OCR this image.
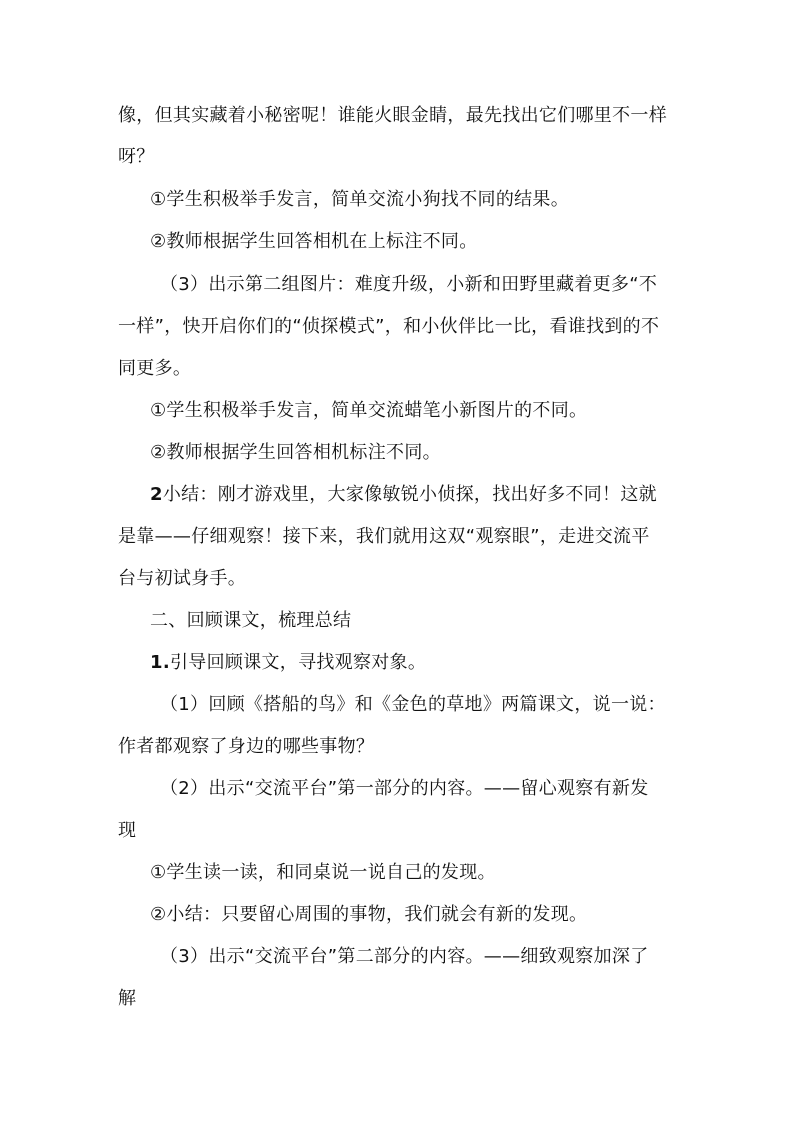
像，但其实藏着小秘密呢！谁能火眼金睛，最先找出它们哪里不一样
呀？
①学生积极举手发言，简单交流小狗找不同的结果。
②教师根据学生回答相机在上标注不同。
（3）出示第二组图片：难度升级，小新和田野里藏着更多“不
一样”，快开启你们的“侦探模式”，和小伙伴比一比，看谁找到的不
同更多。
①学生积极举手发言，简单交流蜡笔小新图片的不同。
②教师根据学生回答相机标注不同。
2小结：刚才游戏里，大家像敏锐小侦探，找出好多不同！这就
是靠——仔细观察！接下来，我们就用这双“观察眼”，走进交流平
台与初试身手。
二、回顾课文，梳理总结
1.引导回顾课文，寻找观察对象。
（1）回顾《搭船的鸟》和《金色的草地》两篇课文，说一说：
作者都观察了身边的哪些事物？
（2）出示“交流平台”第一部分的内容。——留心观察有新发
现
①学生读一读，和同桌说一说自己的发现。
②小结：只要留心周围的事物，我们就会有新的发现。
（3）出示“交流平台”第二部分的内容。——细致观察加深了
解
